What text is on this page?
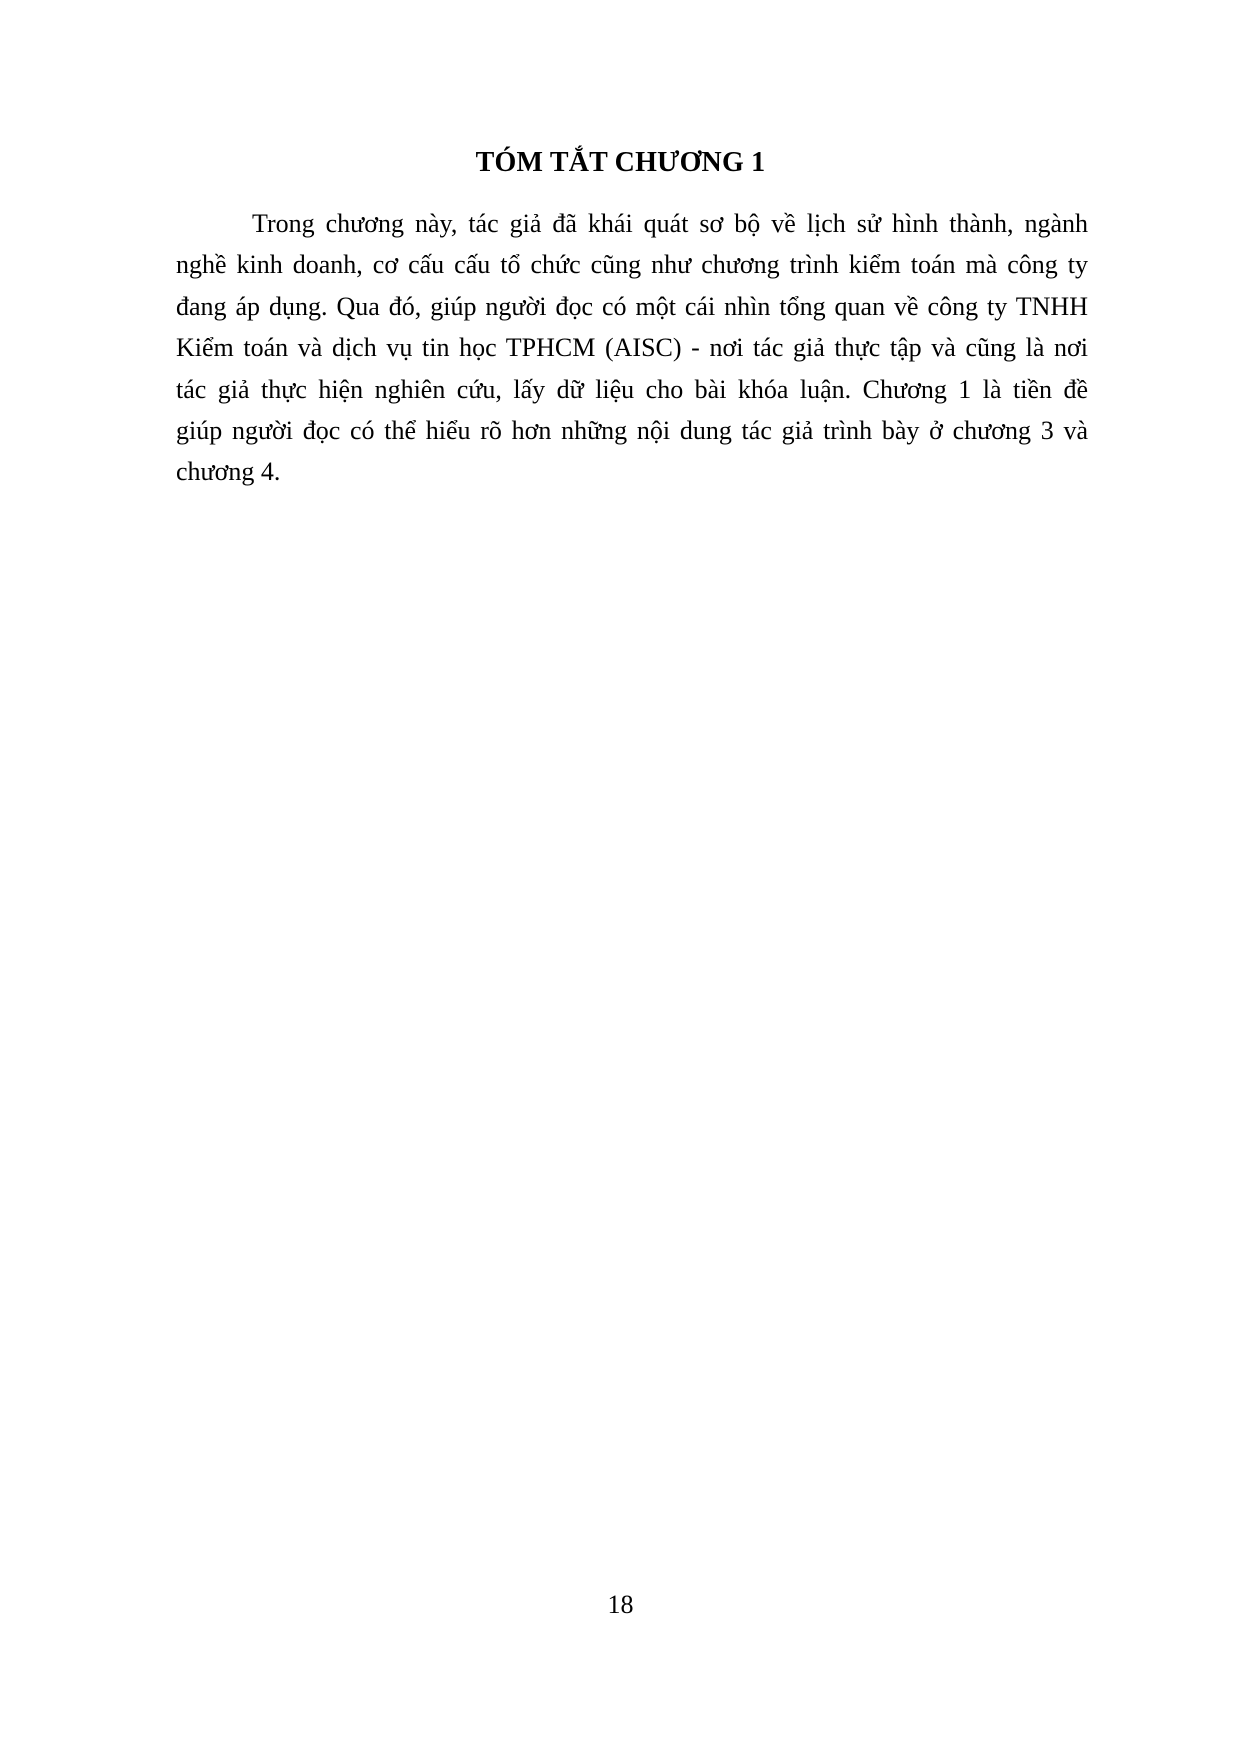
TÓM TẮT CHƯƠNG 1
Trong chương này, tác giả đã khái quát sơ bộ về lịch sử hình thành, ngành
nghề kinh doanh, cơ cấu cấu tổ chức cũng như chương trình kiểm toán mà công ty
đang áp dụng. Qua đó, giúp người đọc có một cái nhìn tổng quan về công ty TNHH
Kiểm toán và dịch vụ tin học TPHCM (AISC) - nơi tác giả thực tập và cũng là nơi
tác giả thực hiện nghiên cứu, lấy dữ liệu cho bài khóa luận. Chương 1 là tiền đề
giúp người đọc có thể hiểu rõ hơn những nội dung tác giả trình bày ở chương 3 và
chương 4.
18
